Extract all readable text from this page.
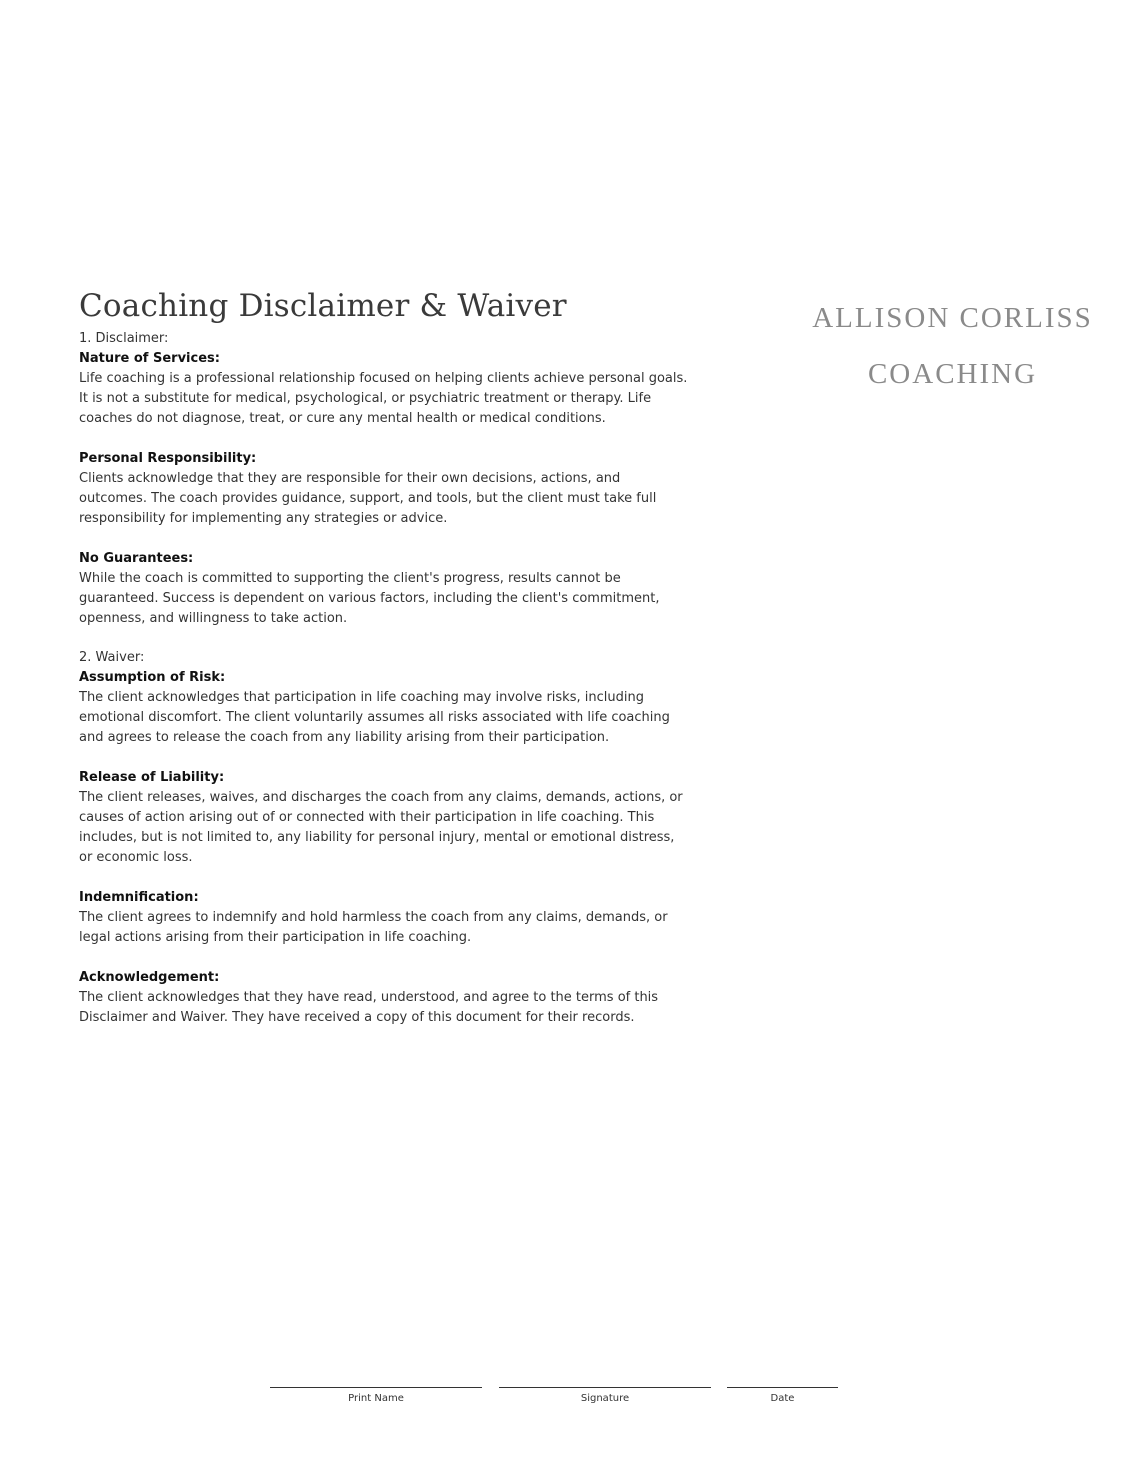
Coaching Disclaimer & Waiver	ALLISON CORLISS
COACHING
1. Disclaimer:
Nature of Services:

Life coaching is a professional relationship focused on helping clients achieve personal goals. It is not a substitute for medical, psychological, or psychiatric treatment or therapy. Life coaches do not diagnose, treat, or cure any mental health or medical conditions.

Personal Responsibility:

Clients acknowledge that they are responsible for their own decisions, actions, and outcomes. The coach provides guidance, support, and tools, but the client must take full responsibility for implementing any strategies or advice.

No Guarantees:

While the coach is committed to supporting the client's progress, results cannot be guaranteed. Success is dependent on various factors, including the client's commitment, openness, and willingness to take action.

2. Waiver:
Assumption of Risk:

The client acknowledges that participation in life coaching may involve risks, including emotional discomfort. The client voluntarily assumes all risks associated with life coaching and agrees to release the coach from any liability arising from their participation.

Release of Liability:

The client releases, waives, and discharges the coach from any claims, demands, actions, or causes of action arising out of or connected with their participation in life coaching. This includes, but is not limited to, any liability for personal injury, mental or emotional distress, or economic loss.

Indemnification:

The client agrees to indemnify and hold harmless the coach from any claims, demands, or legal actions arising from their participation in life coaching.

Acknowledgement:

The client acknowledges that they have read, understood, and agree to the terms of this Disclaimer and Waiver. They have received a copy of this document for their records.

Print Name	Signature	Date
